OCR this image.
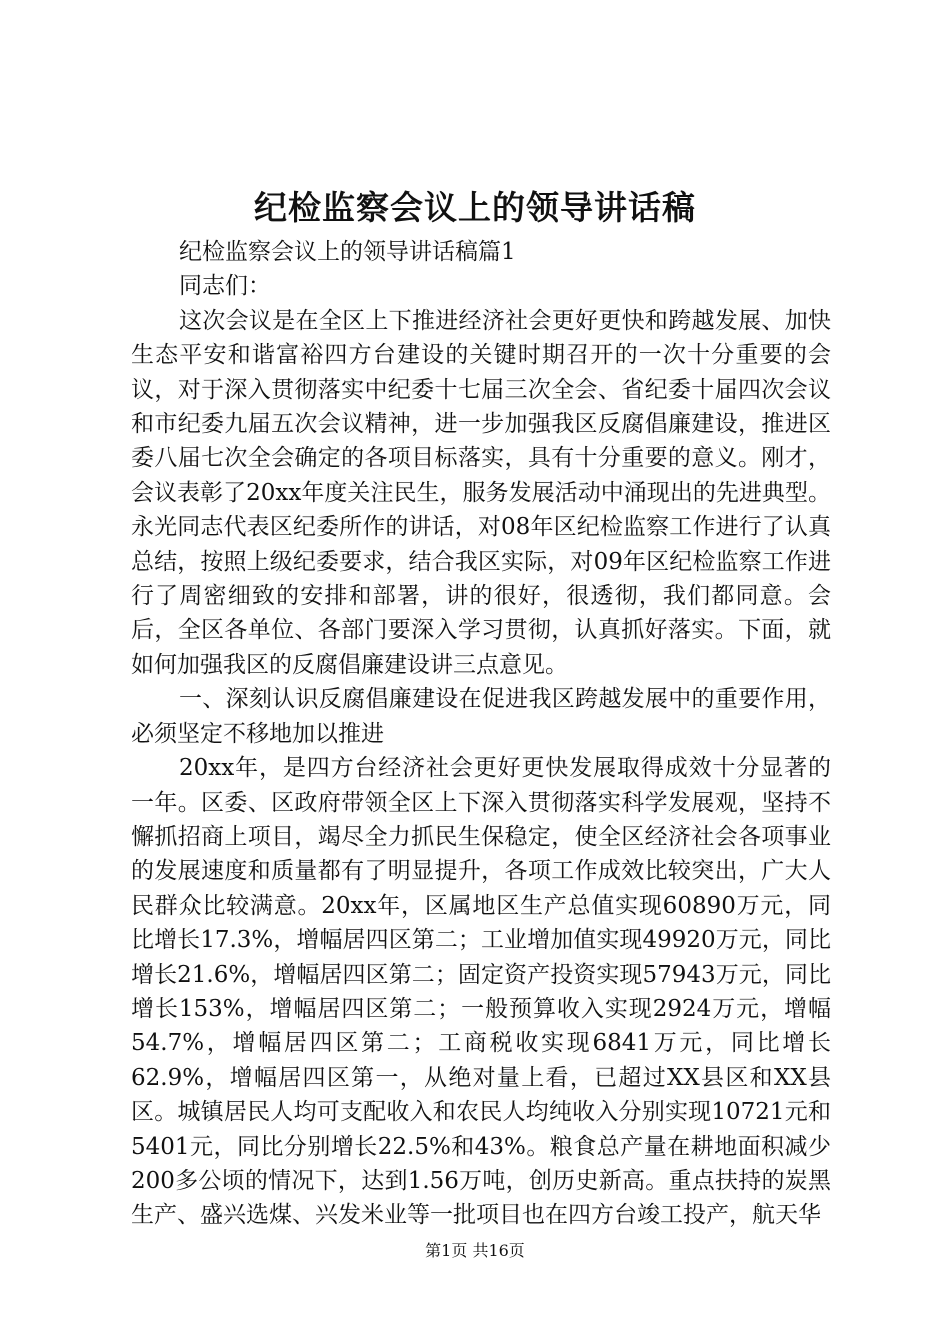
纪检监察会议上的领导讲话稿

纪检监察会议上的领导讲话稿篇1

同志们：

这次会议是在全区上下推进经济社会更好更快和跨越发展、加快生态平安和谐富裕四方台建设的关键时期召开的一次十分重要的会议，对于深入贯彻落实中纪委十七届三次全会、省纪委十届四次会议和市纪委九届五次会议精神，进一步加强我区反腐倡廉建设，推进区委八届七次全会确定的各项目标落实，具有十分重要的意义。刚才，会议表彰了20xx年度关注民生，服务发展活动中涌现出的先进典型。永光同志代表区纪委所作的讲话，对08年区纪检监察工作进行了认真总结，按照上级纪委要求，结合我区实际，对09年区纪检监察工作进行了周密细致的安排和部署，讲的很好，很透彻，我们都同意。会后，全区各单位、各部门要深入学习贯彻，认真抓好落实。下面，就如何加强我区的反腐倡廉建设讲三点意见。

一、深刻认识反腐倡廉建设在促进我区跨越发展中的重要作用，必须坚定不移地加以推进

20xx年，是四方台经济社会更好更快发展取得成效十分显著的一年。区委、区政府带领全区上下深入贯彻落实科学发展观，坚持不懈抓招商上项目，竭尽全力抓民生保稳定，使全区经济社会各项事业的发展速度和质量都有了明显提升，各项工作成效比较突出，广大人民群众比较满意。20xx年，区属地区生产总值实现60890万元，同比增长17.3%，增幅居四区第二；工业增加值实现49920万元，同比增长21.6%，增幅居四区第二；固定资产投资实现57943万元，同比增长153%，增幅居四区第二；一般预算收入实现2924万元，增幅54.7%，增幅居四区第二；工商税收实现6841万元，同比增长62.9%，增幅居四区第一，从绝对量上看，已超过XX县区和XX县区。城镇居民人均可支配收入和农民人均纯收入分别实现10721元和5401元，同比分别增长22.5%和43%。粮食总产量在耕地面积减少200多公顷的情况下，达到1.56万吨，创历史新高。重点扶持的炭黑生产、盛兴选煤、兴发米业等一批项目也在四方台竣工投产，航天华

第1页 共16页
